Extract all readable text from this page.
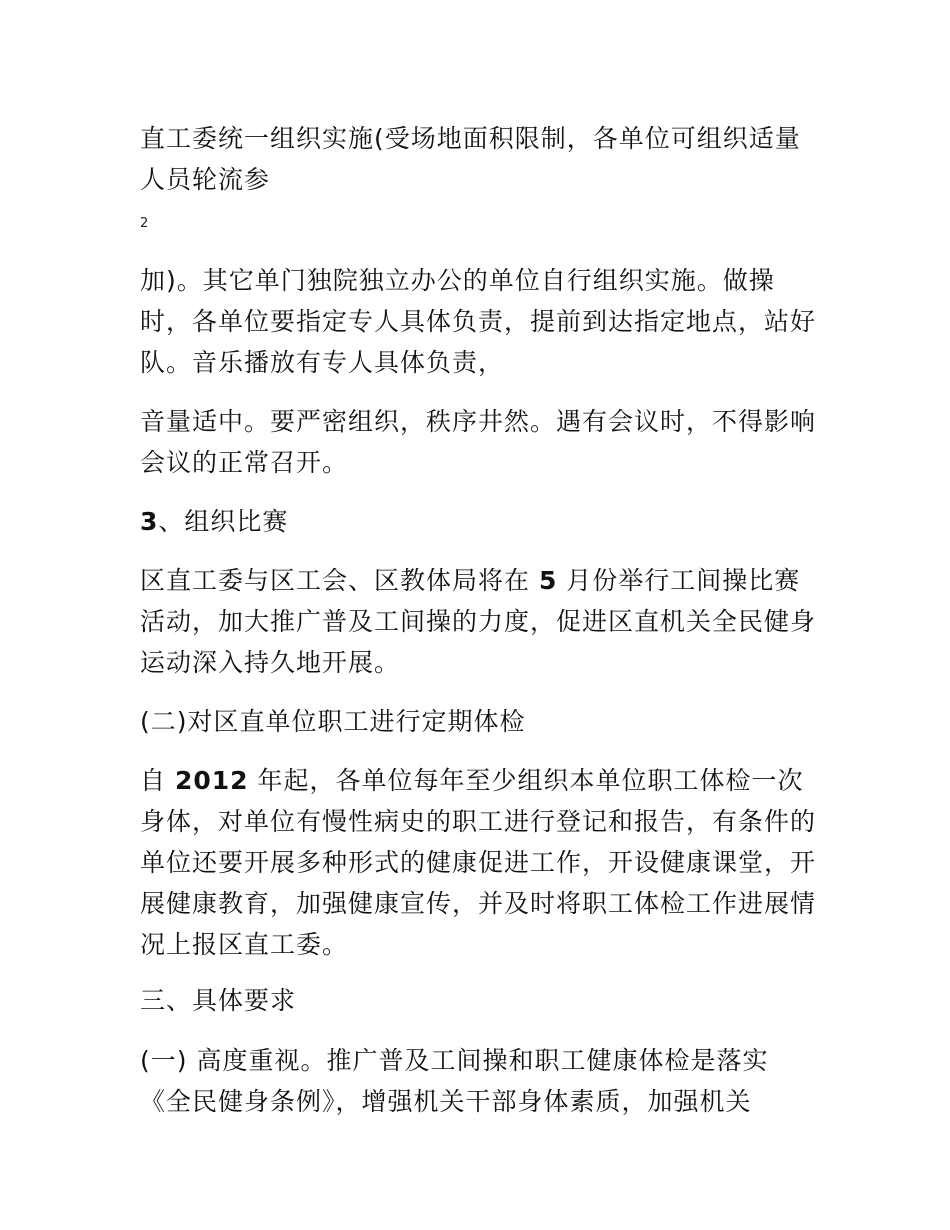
直工委统一组织实施(受场地面积限制，各单位可组织适量人员轮流参

2

加)。其它单门独院独立办公的单位自行组织实施。做操时，各单位要指定专人具体负责，提前到达指定地点，站好队。音乐播放有专人具体负责，

音量适中。要严密组织，秩序井然。遇有会议时，不得影响会议的正常召开。

3、组织比赛

区直工委与区工会、区教体局将在 5 月份举行工间操比赛活动，加大推广普及工间操的力度，促进区直机关全民健身运动深入持久地开展。

(二)对区直单位职工进行定期体检

自 2012 年起，各单位每年至少组织本单位职工体检一次身体，对单位有慢性病史的职工进行登记和报告，有条件的单位还要开展多种形式的健康促进工作，开设健康课堂，开展健康教育，加强健康宣传，并及时将职工体检工作进展情况上报区直工委。

三、具体要求

(一) 高度重视。推广普及工间操和职工健康体检是落实《全民健身条例》，增强机关干部身体素质，加强机关
